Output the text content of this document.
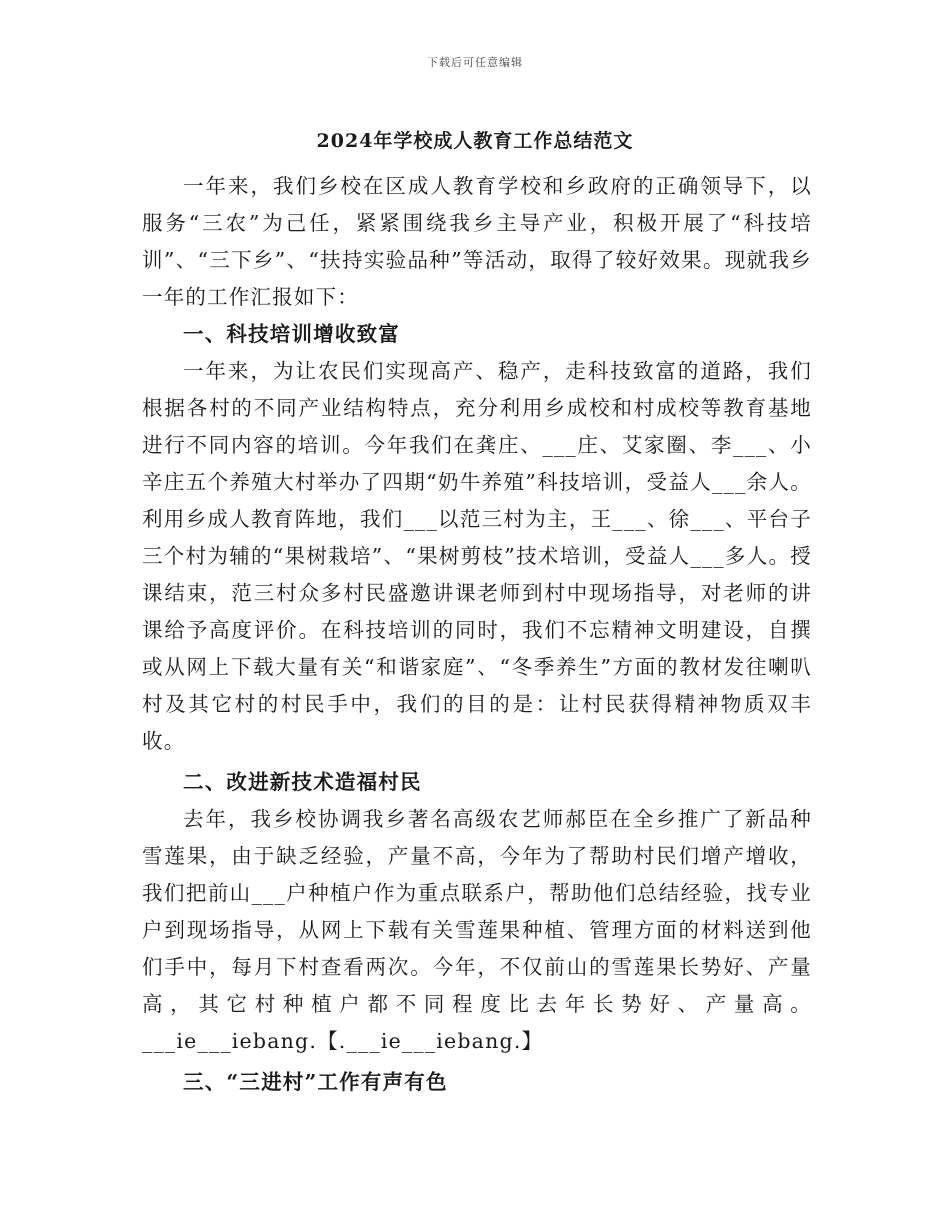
下载后可任意编辑
2024年学校成人教育工作总结范文

一年来，我们乡校在区成人教育学校和乡政府的正确领导下，以服务“三农”为己任，紧紧围绕我乡主导产业，积极开展了“科技培训”、“三下乡”、“扶持实验品种”等活动，取得了较好效果。现就我乡一年的工作汇报如下：

一、科技培训增收致富

一年来，为让农民们实现高产、稳产，走科技致富的道路，我们根据各村的不同产业结构特点，充分利用乡成校和村成校等教育基地进行不同内容的培训。今年我们在龚庄、___庄、艾家圈、李___、小辛庄五个养殖大村举办了四期“奶牛养殖”科技培训，受益人___余人。利用乡成人教育阵地，我们___以范三村为主，王___、徐___、平台子三个村为辅的“果树栽培”、“果树剪枝”技术培训，受益人___多人。授课结束，范三村众多村民盛邀讲课老师到村中现场指导，对老师的讲课给予高度评价。在科技培训的同时，我们不忘精神文明建设，自撰或从网上下载大量有关“和谐家庭”、“冬季养生”方面的教材发往喇叭村及其它村的村民手中，我们的目的是：让村民获得精神物质双丰收。

二、改进新技术造福村民

去年，我乡校协调我乡著名高级农艺师郝臣在全乡推广了新品种雪莲果，由于缺乏经验，产量不高，今年为了帮助村民们增产增收，我们把前山___户种植户作为重点联系户，帮助他们总结经验，找专业户到现场指导，从网上下载有关雪莲果种植、管理方面的材料送到他们手中，每月下村查看两次。今年，不仅前山的雪莲果长势好、产量高，其它村种植户都不同程度比去年长势好、产量高。___ie___iebang.【.___ie___iebang.】

三、“三进村”工作有声有色
